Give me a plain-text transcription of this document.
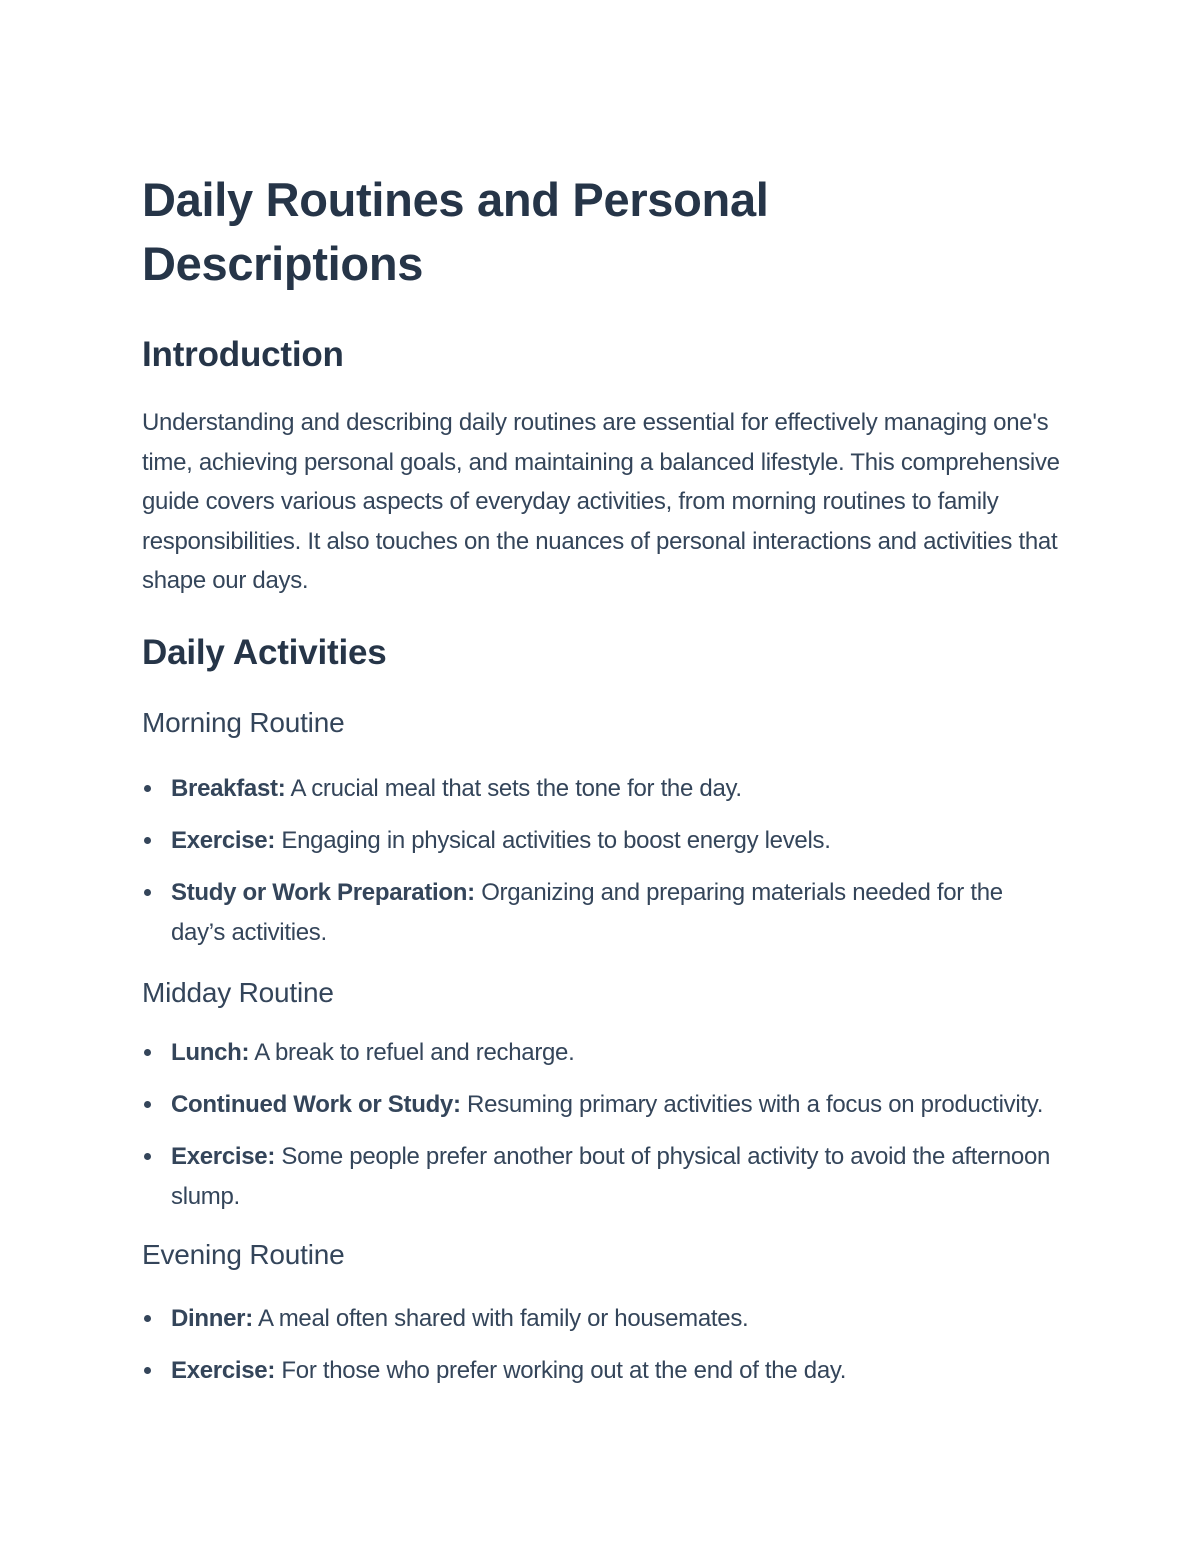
Daily Routines and Personal Descriptions
Introduction

Understanding and describing daily routines are essential for effectively managing one's time, achieving personal goals, and maintaining a balanced lifestyle. This comprehensive guide covers various aspects of everyday activities, from morning routines to family responsibilities. It also touches on the nuances of personal interactions and activities that shape our days.

Daily Activities
Morning Routine
Breakfast: A crucial meal that sets the tone for the day.
Exercise: Engaging in physical activities to boost energy levels.
Study or Work Preparation: Organizing and preparing materials needed for the day’s activities.
Midday Routine
Lunch: A break to refuel and recharge.
Continued Work or Study: Resuming primary activities with a focus on productivity.
Exercise: Some people prefer another bout of physical activity to avoid the afternoon slump.
Evening Routine
Dinner: A meal often shared with family or housemates.
Exercise: For those who prefer working out at the end of the day.
